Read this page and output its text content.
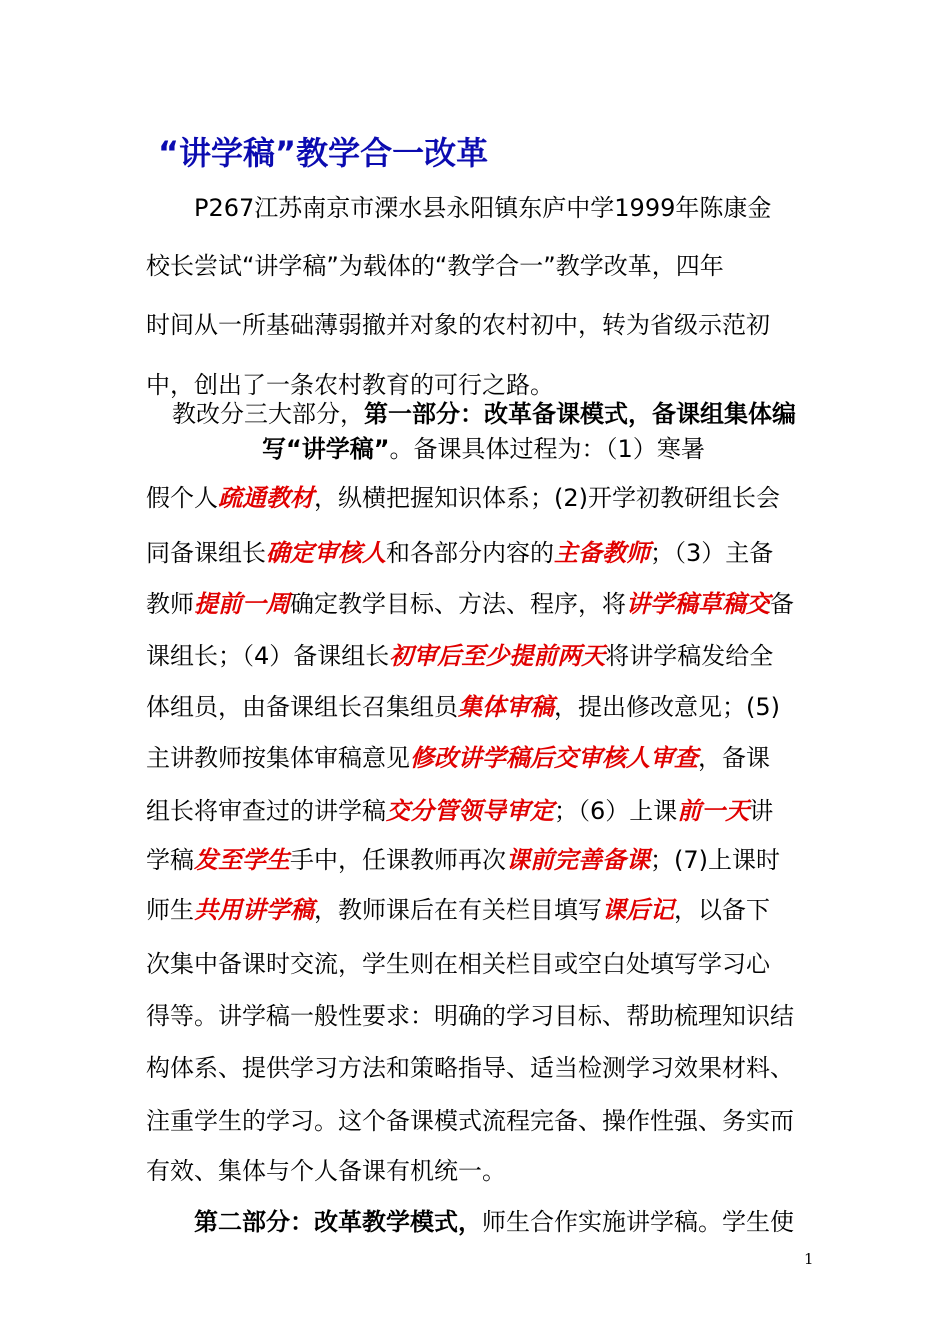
“讲学稿”教学合一改革
P267江苏南京市溧水县永阳镇东庐中学1999年陈康金
校长尝试“讲学稿”为载体的“教学合一”教学改革，四年
时间从一所基础薄弱撤并对象的农村初中，转为省级示范初
中，创出了一条农村教育的可行之路。
教改分三大部分，第一部分：改革备课模式，备课组集体编
写“讲学稿”。备课具体过程为：（1）寒暑
假个人疏通教材，纵横把握知识体系；(2)开学初教研组长会
同备课组长确定审核人和各部分内容的主备教师；（3）主备
教师提前一周确定教学目标、方法、程序，将讲学稿草稿交备
课组长；（4）备课组长初审后至少提前两天将讲学稿发给全
体组员，由备课组长召集组员集体审稿，提出修改意见；(5)
主讲教师按集体审稿意见修改讲学稿后交审核人审查，备课
组长将审查过的讲学稿交分管领导审定；（6）上课前一天讲
学稿发至学生手中，任课教师再次课前完善备课；(7)上课时
师生共用讲学稿，教师课后在有关栏目填写课后记，以备下
次集中备课时交流，学生则在相关栏目或空白处填写学习心
得等。讲学稿一般性要求：明确的学习目标、帮助梳理知识结
构体系、提供学习方法和策略指导、适当检测学习效果材料、
注重学生的学习。这个备课模式流程完备、操作性强、务实而
有效、集体与个人备课有机统一。
第二部分：改革教学模式，师生合作实施讲学稿。学生使
1
